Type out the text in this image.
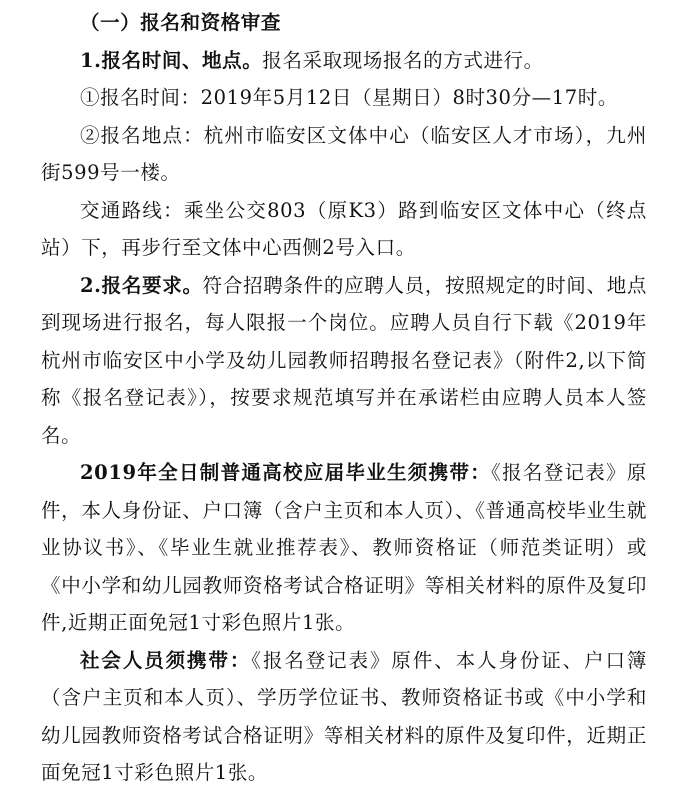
（一）报名和资格审查

1.报名时间、地点。报名采取现场报名的方式进行。

①报名时间：2019年5月12日（星期日）8时30分—17时。

②报名地点：杭州市临安区文体中心（临安区人才市场），九州街599号一楼。

交通路线：乘坐公交803（原K3）路到临安区文体中心（终点站）下，再步行至文体中心西侧2号入口。

2.报名要求。符合招聘条件的应聘人员，按照规定的时间、地点到现场进行报名，每人限报一个岗位。应聘人员自行下载《2019年杭州市临安区中小学及幼儿园教师招聘报名登记表》（附件2,以下简称《报名登记表》），按要求规范填写并在承诺栏由应聘人员本人签名。

2019年全日制普通高校应届毕业生须携带：《报名登记表》原件，本人身份证、户口簿（含户主页和本人页）、《普通高校毕业生就业协议书》、《毕业生就业推荐表》、教师资格证（师范类证明）或《中小学和幼儿园教师资格考试合格证明》等相关材料的原件及复印件,近期正面免冠1寸彩色照片1张。

社会人员须携带：《报名登记表》原件、本人身份证、户口簿（含户主页和本人页）、学历学位证书、教师资格证书或《中小学和幼儿园教师资格考试合格证明》等相关材料的原件及复印件，近期正面免冠1寸彩色照片1张。
